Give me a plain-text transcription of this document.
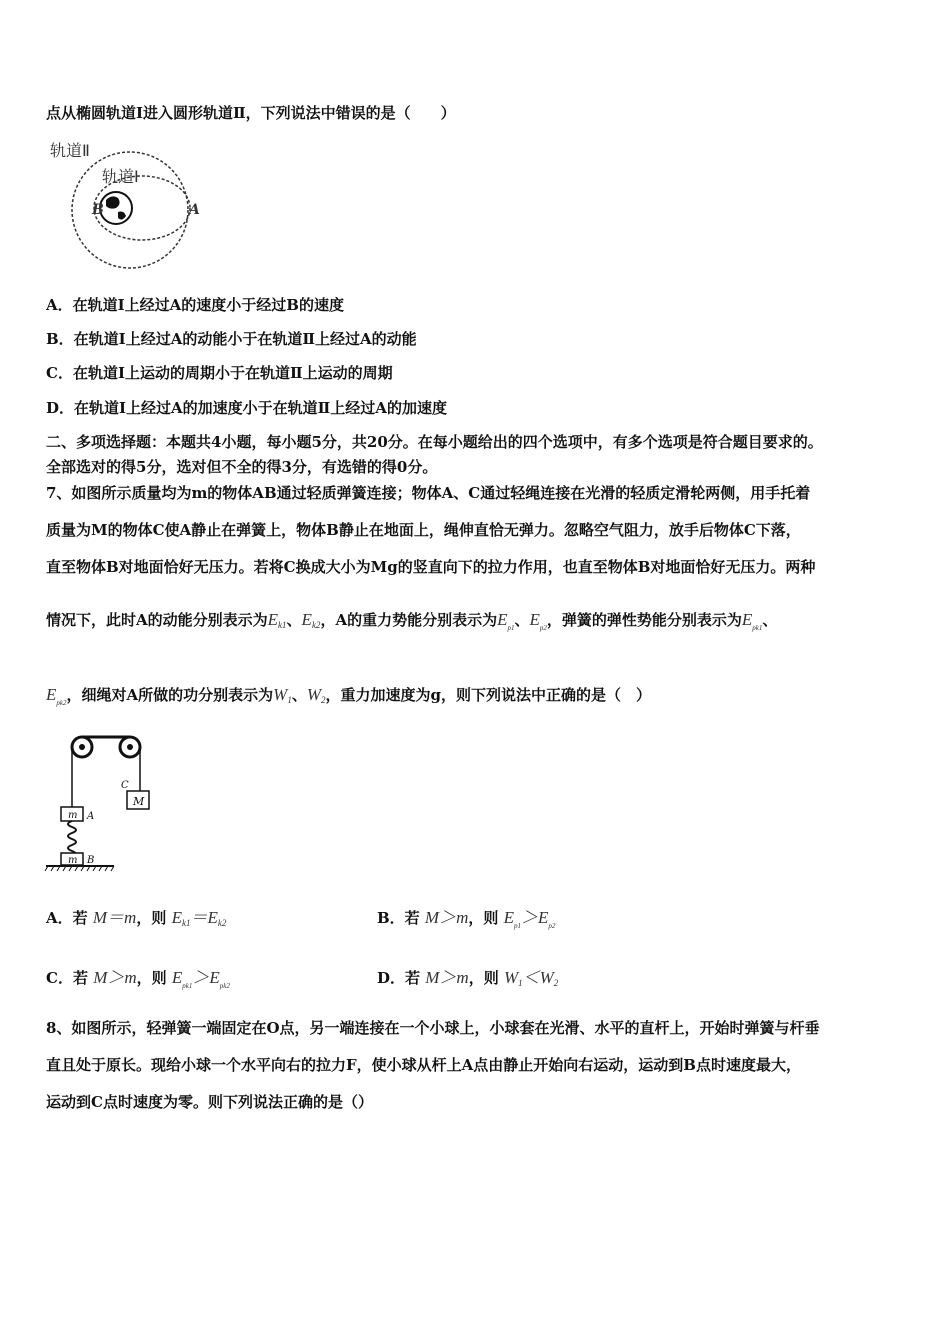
点从椭圆轨道Ⅰ进入圆形轨道Ⅱ，下列说法中错误的是（　　）
轨道Ⅱ
轨道Ⅰ
B	A
A．在轨道Ⅰ上经过A的速度小于经过B的速度
B．在轨道Ⅰ上经过A的动能小于在轨道Ⅱ上经过A的动能
C．在轨道Ⅰ上运动的周期小于在轨道Ⅱ上运动的周期
D．在轨道Ⅰ上经过A的加速度小于在轨道Ⅱ上经过A的加速度
二、多项选择题：本题共4小题，每小题5分，共20分。在每小题给出的四个选项中，有多个选项是符合题目要求的。
全部选对的得5分，选对但不全的得3分，有选错的得0分。
7、如图所示质量均为m的物体AB通过轻质弹簧连接；物体A、C通过轻绳连接在光滑的轻质定滑轮两侧，用手托着
质量为M的物体C使A静止在弹簧上，物体B静止在地面上，绳伸直恰无弹力。忽略空气阻力，放手后物体C下落，
直至物体B对地面恰好无压力。若将C换成大小为Mg的竖直向下的拉力作用，也直至物体B对地面恰好无压力。两种
情况下，此时A的动能分别表示为$E_{k1}$、$E_{k2}$，A的重力势能分别表示为$E_{p1}$、$E_{p2}$，弹簧的弹性势能分别表示为$E_{pk1}$、
$E_{pk2}$，细绳对A所做的功分别表示为$W_1$、$W_2$，重力加速度为g，则下列说法中正确的是（　）
M
C
m A
m B
A．若 M＝m，则 $E_{k1}=E_{k2}$	B．若 M＞m，则 $E_{p1}>E_{p2}$
C．若 M＞m，则 $E_{pk1}>E_{pk2}$	D．若 M＞m，则 $W_1<W_2$
8、如图所示，轻弹簧一端固定在O点，另一端连接在一个小球上，小球套在光滑、水平的直杆上，开始时弹簧与杆垂
直且处于原长。现给小球一个水平向右的拉力F，使小球从杆上A点由静止开始向右运动，运动到B点时速度最大，
运动到C点时速度为零。则下列说法正确的是（）
